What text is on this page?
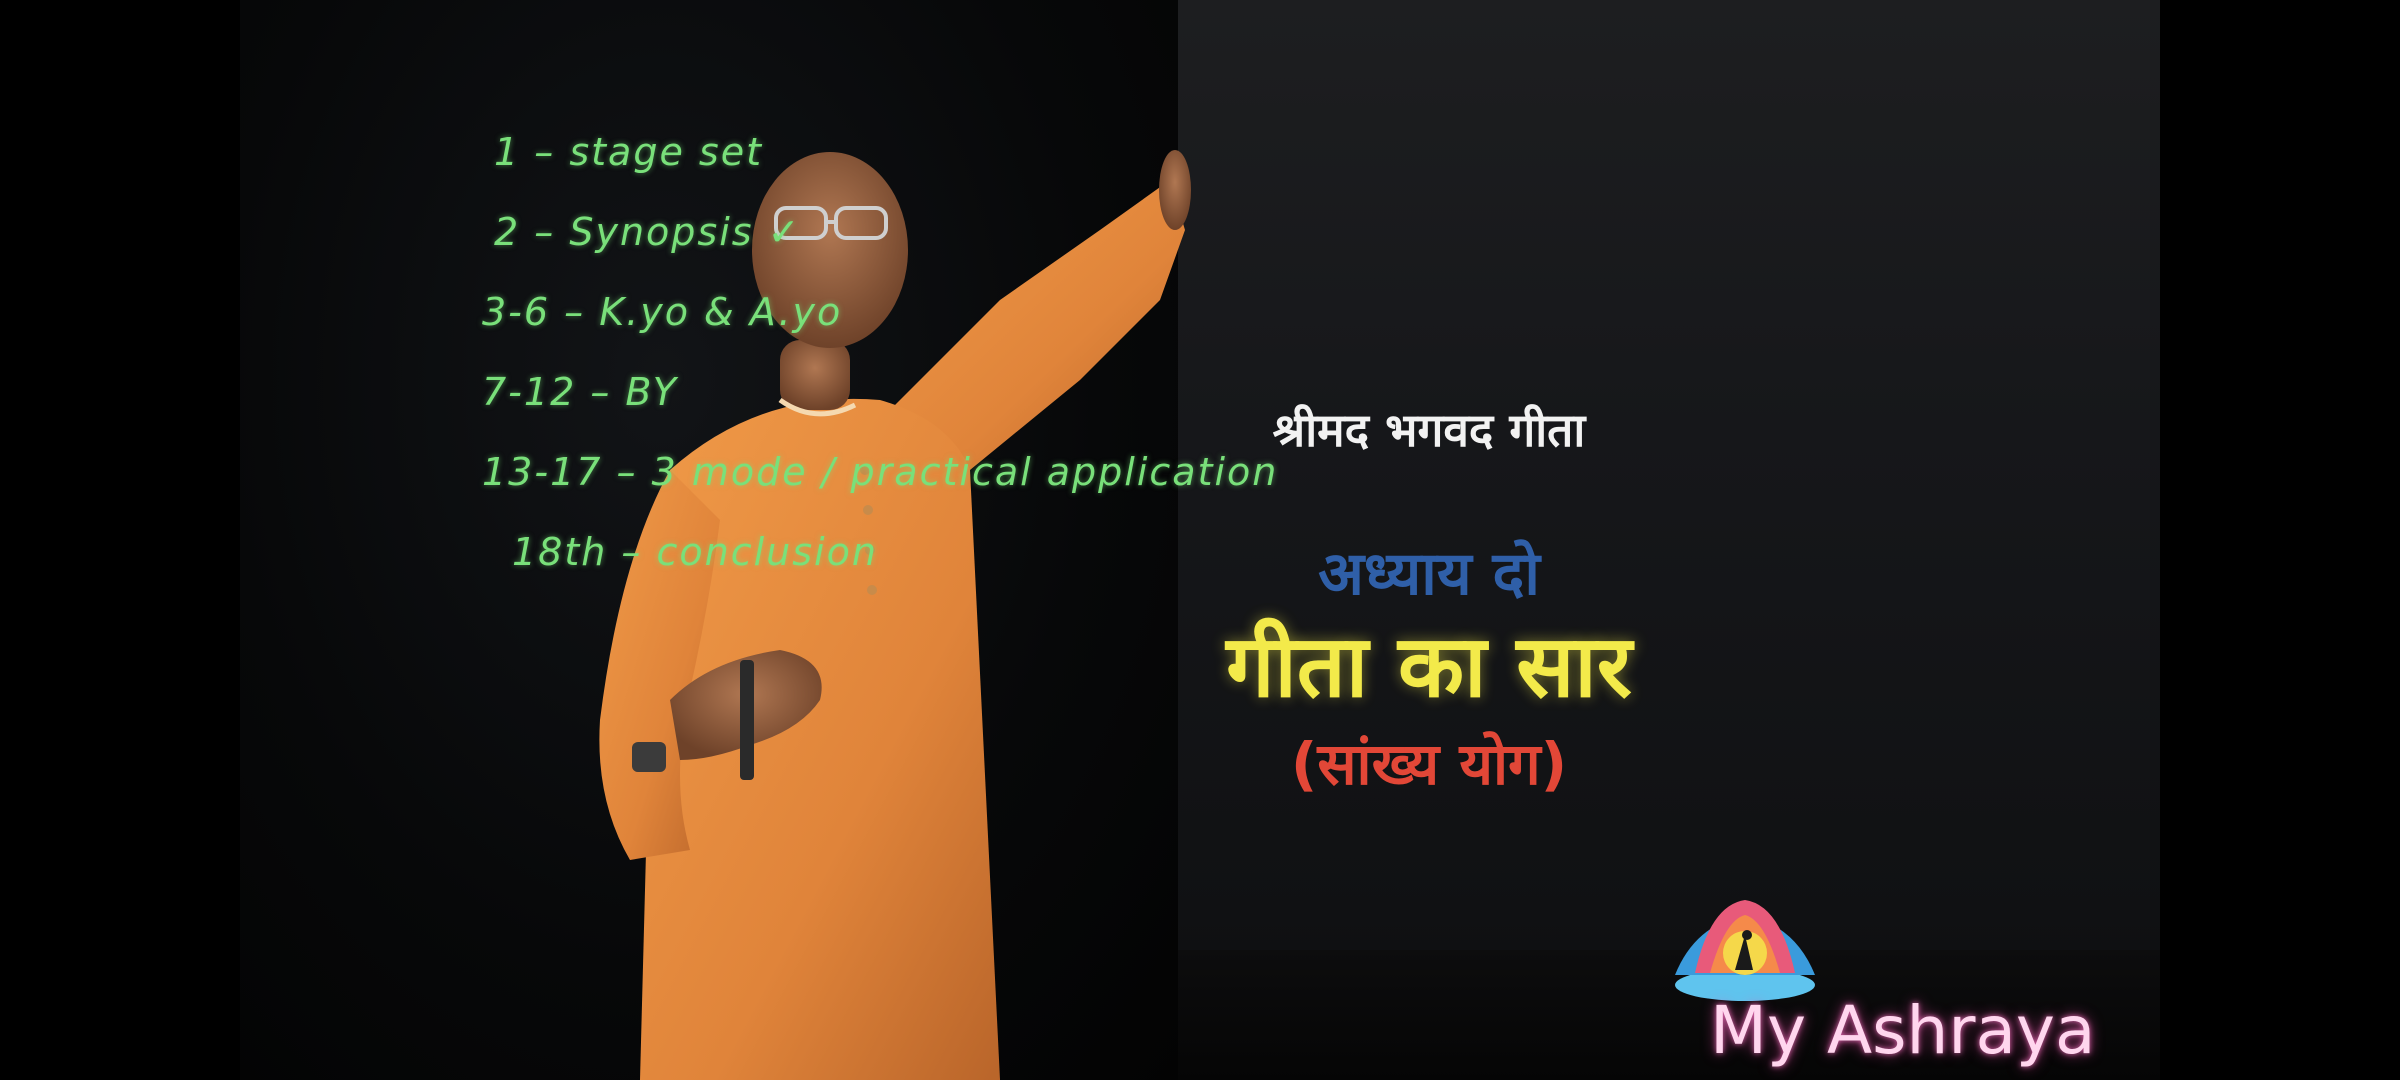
1 – stage set
2 – Synopsis ✓
3-6 – K.yo & A.yo
7-12 – BY
13-17 – 3 mode / practical application
18th – conclusion
श्रीमद भगवद गीता
अध्याय दो
गीता का सार
(सांख्य योग)
My Ashraya
